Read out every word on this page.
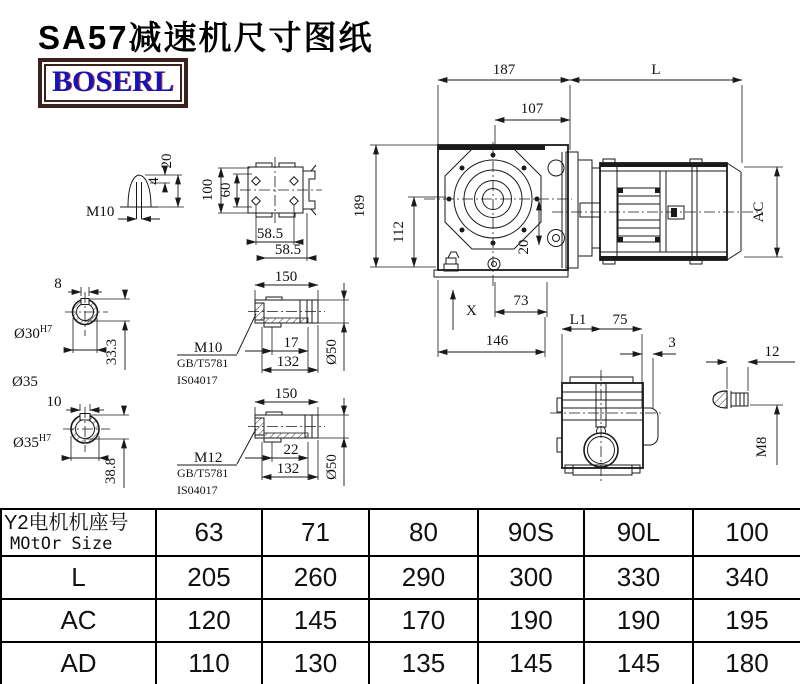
SA57减速机尺寸图纸
BOSERL	187	L
107
189
112
AC
20
73
X
146
M10
4
20
100 60
58.5
58.5
8
$Ø30^{H7}$
33.3
Ø35
10
$Ø35^{H7}$
38.8
150
17
132 Ø50
M10
GB/T5781
IS04017
150
22
132 Ø50
M12
GB/T5781
IS04017
L1 75
3
12
M8
Y2电机机座号
MOtOr Size	63	71	80	90S	90L	100
L	205	260	290	300	330	340
AC	120	145	170	190	190	195
AD	110	130	135	145	145	180
